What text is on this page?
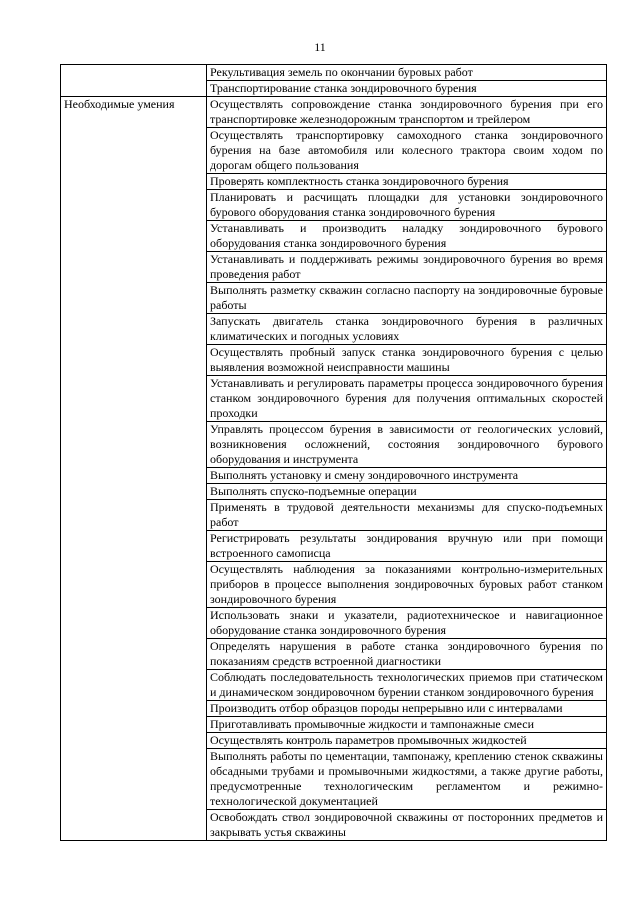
11
	Рекультивация земель по окончании буровых работ
	Транспортирование станка зондировочного бурения
Необходимые умения	Осуществлять сопровождение станка зондировочного бурения при его транспортировке железнодорожным транспортом и трейлером
	Осуществлять транспортировку самоходного станка зондировочного бурения на базе автомобиля или колесного трактора своим ходом по дорогам общего пользования
	Проверять комплектность станка зондировочного бурения
	Планировать и расчищать площадки для установки зондировочного бурового оборудования станка зондировочного бурения
	Устанавливать и производить наладку зондировочного бурового оборудования станка зондировочного бурения
	Устанавливать и поддерживать режимы зондировочного бурения во время проведения работ
	Выполнять разметку скважин согласно паспорту на зондировочные буровые работы
	Запускать двигатель станка зондировочного бурения в различных климатических и погодных условиях
	Осуществлять пробный запуск станка зондировочного бурения с целью выявления возможной неисправности машины
	Устанавливать и регулировать параметры процесса зондировочного бурения станком зондировочного бурения для получения оптимальных скоростей проходки
	Управлять процессом бурения в зависимости от геологических условий, возникновения осложнений, состояния зондировочного бурового оборудования и инструмента
	Выполнять установку и смену зондировочного инструмента
	Выполнять спуско-подъемные операции
	Применять в трудовой деятельности механизмы для спуско-подъемных работ
	Регистрировать результаты зондирования вручную или при помощи встроенного самописца
	Осуществлять наблюдения за показаниями контрольно-измерительных приборов в процессе выполнения зондировочных буровых работ станком зондировочного бурения
	Использовать знаки и указатели, радиотехническое и навигационное оборудование станка зондировочного бурения
	Определять нарушения в работе станка зондировочного бурения по показаниям средств встроенной диагностики
	Соблюдать последовательность технологических приемов при статическом и динамическом зондировочном бурении станком зондировочного бурения
	Производить отбор образцов породы непрерывно или с интервалами
	Приготавливать промывочные жидкости и тампонажные смеси
	Осуществлять контроль параметров промывочных жидкостей
	Выполнять работы по цементации, тампонажу, креплению стенок скважины обсадными трубами и промывочными жидкостями, а также другие работы, предусмотренные технологическим регламентом и режимно-технологической документацией
	Освобождать ствол зондировочной скважины от посторонних предметов и закрывать устья скважины
